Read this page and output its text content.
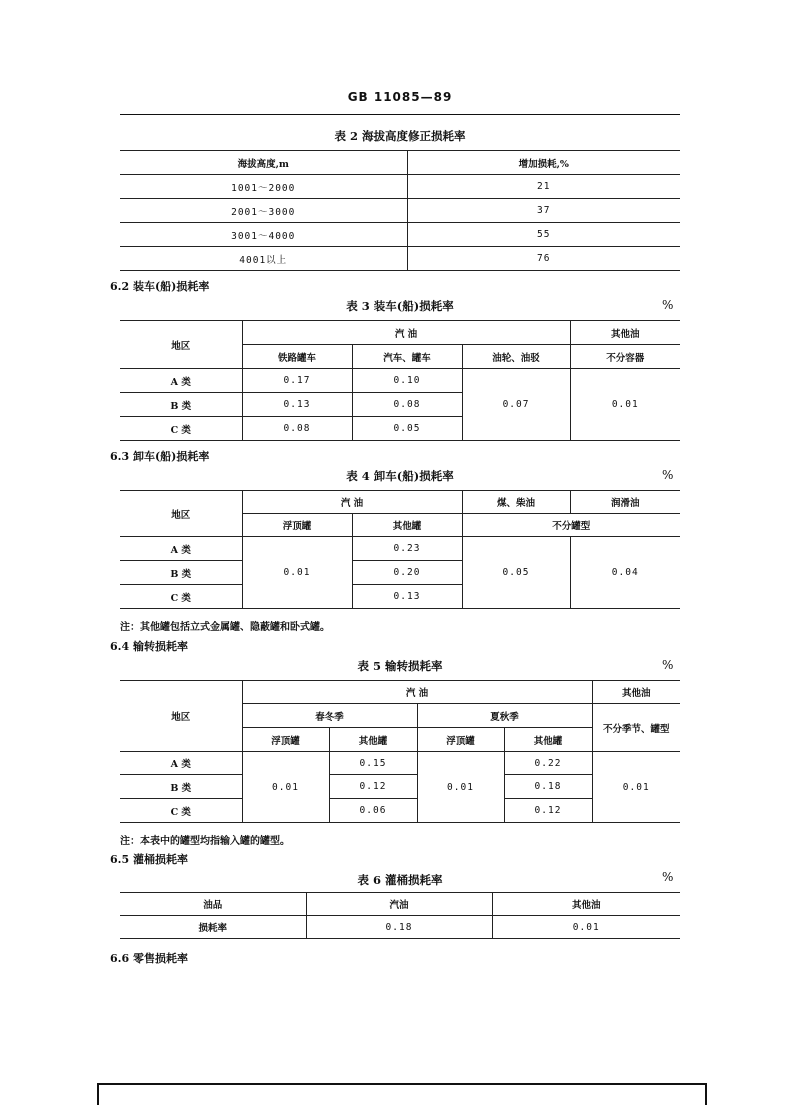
GB 11085—89
表 2 海拔高度修正损耗率
海拔高度,m	增加损耗,%
1001～2000	21
2001～3000	37
3001～4000	55
4001以上	76
6.2 装车(船)损耗率
表 3 装车(船)损耗率	%
地区	汽 油			其他油
	铁路罐车	汽车、罐车	油轮、油驳	不分容器
A 类	0.17	0.10	0.07	0.01
B 类	0.13	0.08		
C 类	0.08	0.05		
6.3 卸车(船)损耗率
表 4 卸车(船)损耗率	%
地区	汽 油		煤、柴油	润滑油
	浮顶罐	其他罐	不分罐型	
A 类	0.01	0.23	0.05	0.04
B 类		0.20		
C 类		0.13		
注：其他罐包括立式金属罐、隐蔽罐和卧式罐。
6.4 输转损耗率
表 5 输转损耗率	%
地区	汽 油				其他油
	春冬季		夏秋季		不分季节、罐型
	浮顶罐	其他罐	浮顶罐	其他罐	
A 类	0.01	0.15	0.01	0.22	0.01
B 类		0.12		0.18	
C 类		0.06		0.12	
注：本表中的罐型均指输入罐的罐型。
6.5 灌桶损耗率
表 6 灌桶损耗率	%
油品	汽油	其他油
损耗率	0.18	0.01
6.6 零售损耗率
